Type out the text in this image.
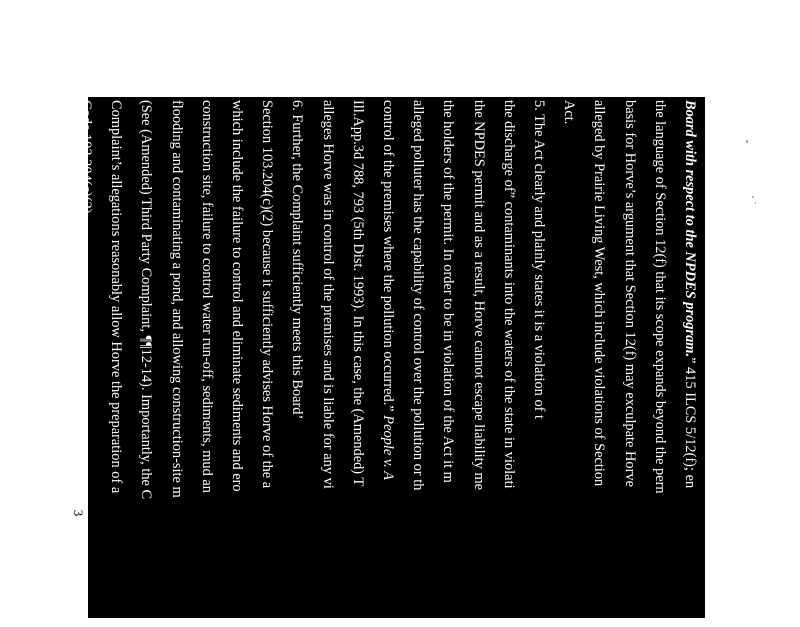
Board with respect to the NPDES program.” 415 ILCS 5/12(f); en
the language of Section 12(f) that its scope expands beyond the pern
basis for Horve’s argument that Section 12(f) may exculpate Horve
alleged by Prairie Living West, which include violations of Section
Act.
5. The Act clearly and plainly states it is a violation of t
the discharge of” contaminants into the waters of the state in violati
the NPDES permit and as a result, Horve cannot escape liability me
the holders of the permit. In order to be in violation of the Act it m
alleged polluter has the capability of control over the pollution or th
control of the premises where the pollution occurred.” People v. A
Ill.App.3d 788, 793 (5th Dist. 1993). In this case, the (Amended) T
alleges Horve was in control of the premises and is liable for any vi
6. Further, the Complaint sufficiently meets this Board’
Section 103.204(c)(2) because it sufficiently advises Horve of the a
which include the failure to control and eliminate sediments and ero
construction site, failure to control water run-off, sediments, mud an
flooding and contaminating a pond, and allowing construction-site m
(See (Amended) Third Party Complaint, ¶¶12-14). Importantly, the C
Complaint’s allegations reasonably allow Horve the preparation of a
Code 103.204(c)(2).
3
